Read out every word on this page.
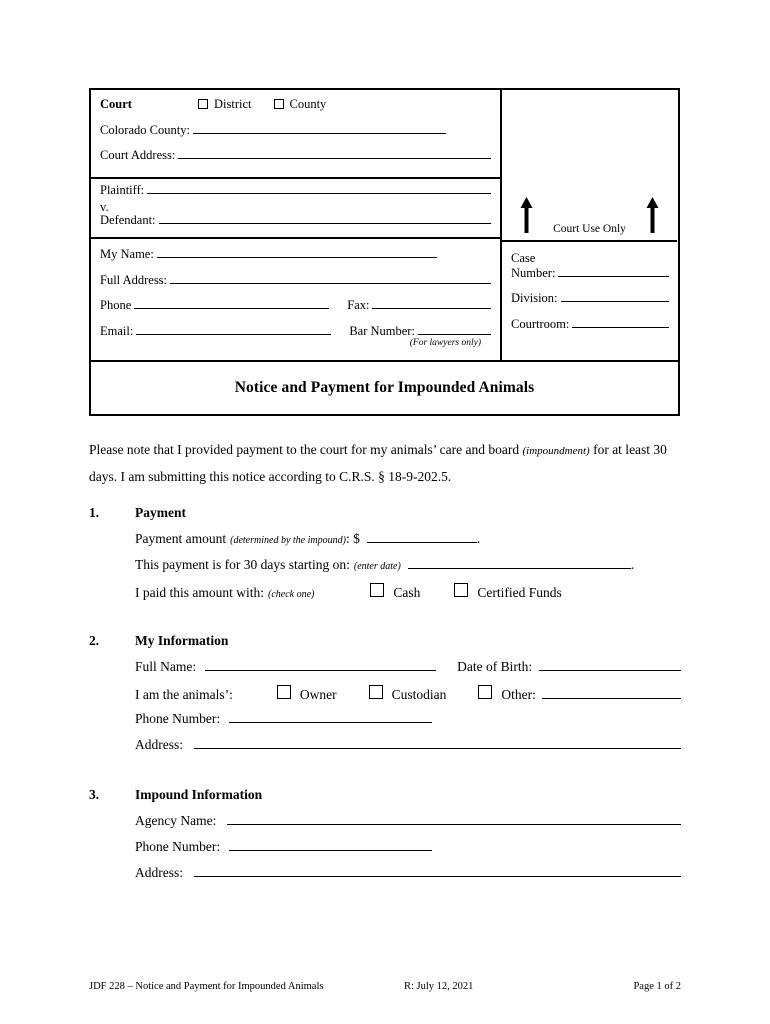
Court	District	County
Colorado County:
Court Address:
Plaintiff:
v.
Defendant:
My Name:
Full Address:
Phone	Fax:
Email:	Bar Number:
(For lawyers only)
Court Use Only
Case
Number:
Division:
Courtroom:
Notice and Payment for Impounded Animals
Please note that I provided payment to the court for my animals’ care and board (impoundment) for at least 30 days. I am submitting this notice according to C.R.S. § 18-9-202.5.
1.	Payment
Payment amount (determined by the impound) : $	.
This payment is for 30 days starting on: (enter date)	.
I paid this amount with: (check one)	Cash	Certified Funds
2.	My Information
Full Name:	Date of Birth:
I am the animals’:	Owner	Custodian	Other:
Phone Number:
Address:
3.	Impound Information
Agency Name:
Phone Number:
Address:
JDF 228 – Notice and Payment for Impounded Animals	R: July 12, 2021	Page 1 of 2
